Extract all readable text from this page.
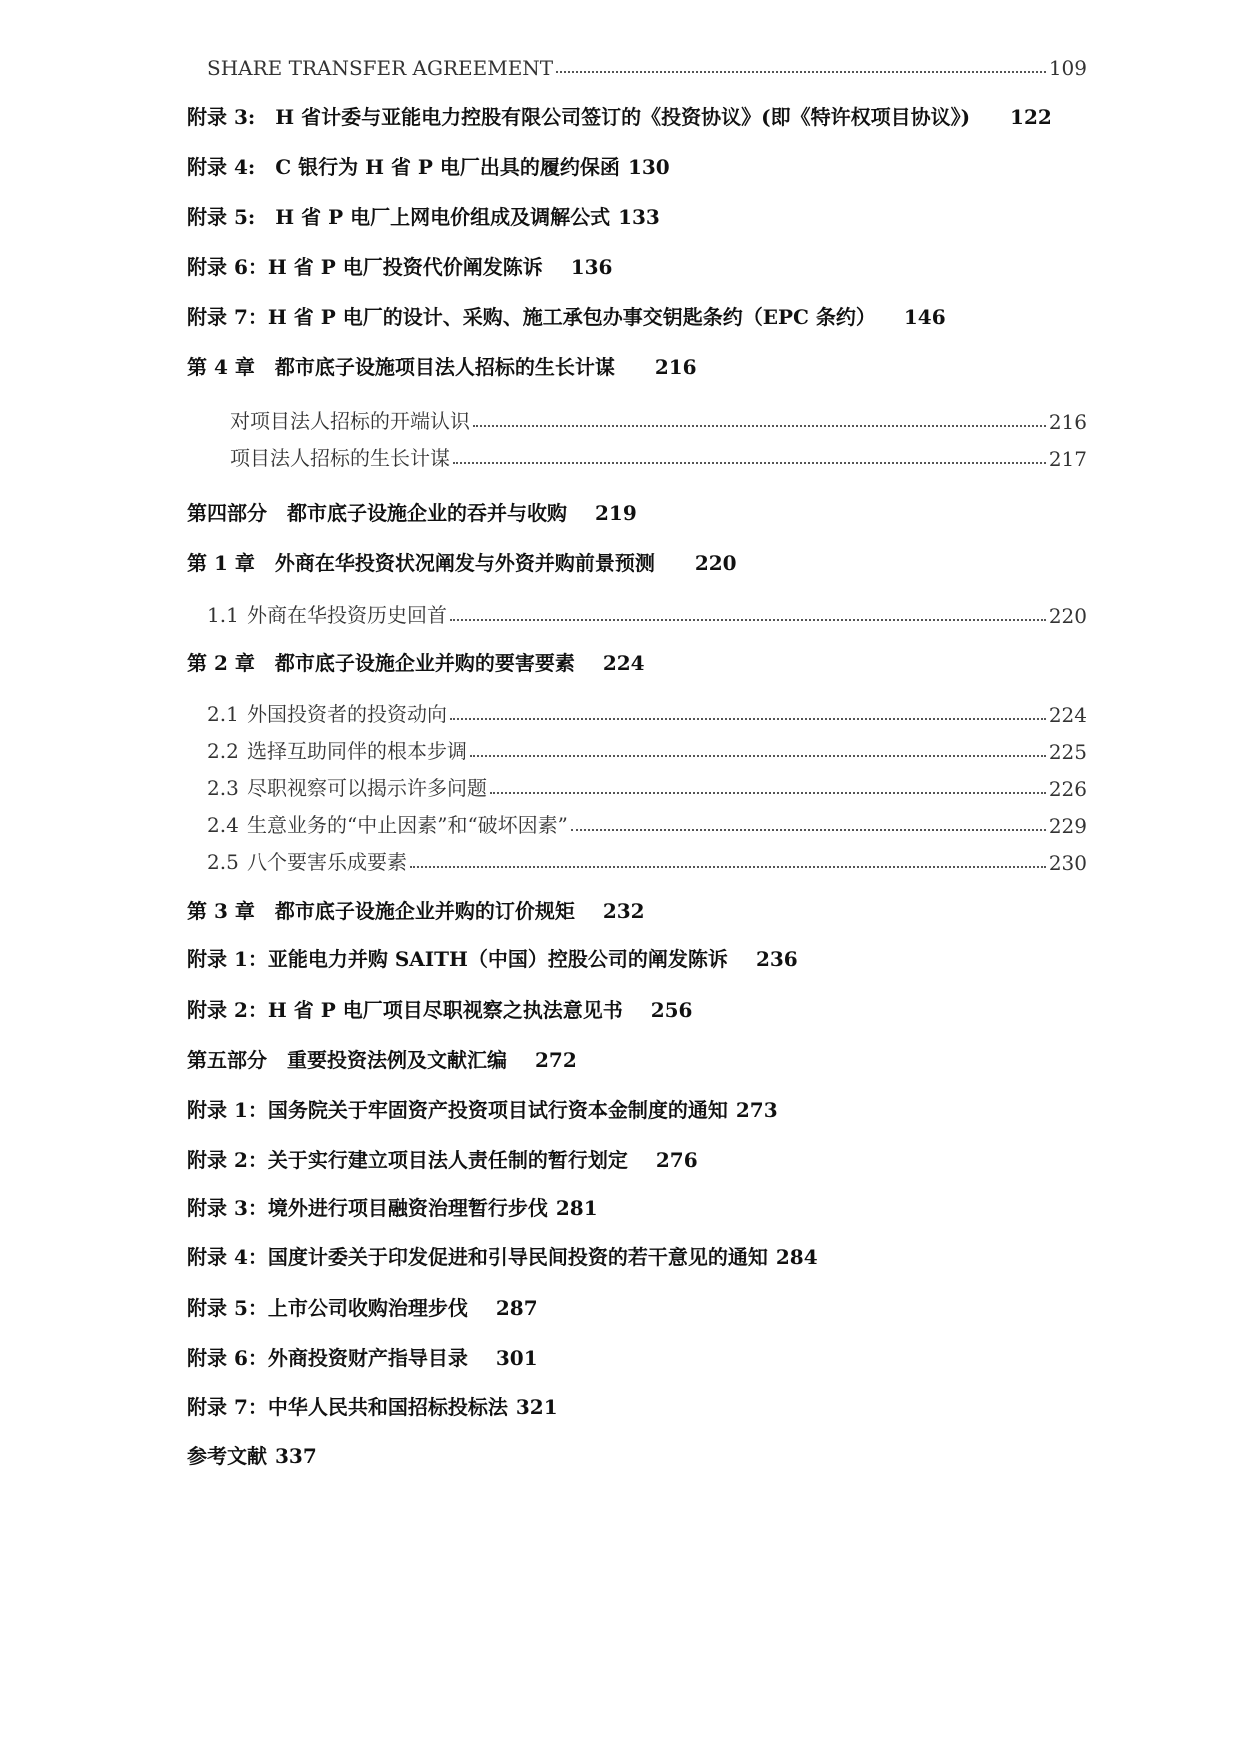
SHARE TRANSFER AGREEMENT	109
附录 3:　H 省计委与亚能电力控股有限公司签订的《投资协议》(即《特许权项目协议》) 122
附录 4:　C 银行为 H 省 P 电厂出具的履约保函 130
附录 5:　H 省 P 电厂上网电价组成及调解公式 133
附录 6：H 省 P 电厂投资代价阐发陈诉 136
附录 7：H 省 P 电厂的设计、采购、施工承包办事交钥匙条约（EPC 条约） 146
第 4 章　都市底子设施项目法人招标的生长计谋 216
对项目法人招标的开端认识	216
项目法人招标的生长计谋	217
第四部分　都市底子设施企业的吞并与收购 219
第 1 章　外商在华投资状况阐发与外资并购前景预测 220
1.1 外商在华投资历史回首	220
第 2 章　都市底子设施企业并购的要害要素 224
2.1 外国投资者的投资动向	224
2.2 选择互助同伴的根本步调	225
2.3 尽职视察可以揭示许多问题	226
2.4 生意业务的“中止因素”和“破坏因素”	229
2.5 八个要害乐成要素	230
第 3 章　都市底子设施企业并购的订价规矩 232
附录 1：亚能电力并购 SAITH（中国）控股公司的阐发陈诉 236
附录 2：H 省 P 电厂项目尽职视察之执法意见书 256
第五部分　重要投资法例及文献汇编 272
附录 1：国务院关于牢固资产投资项目试行资本金制度的通知 273
附录 2：关于实行建立项目法人责任制的暂行划定 276
附录 3：境外进行项目融资治理暂行步伐 281
附录 4：国度计委关于印发促进和引导民间投资的若干意见的通知 284
附录 5：上市公司收购治理步伐 287
附录 6：外商投资财产指导目录 301
附录 7：中华人民共和国招标投标法 321
参考文献 337
